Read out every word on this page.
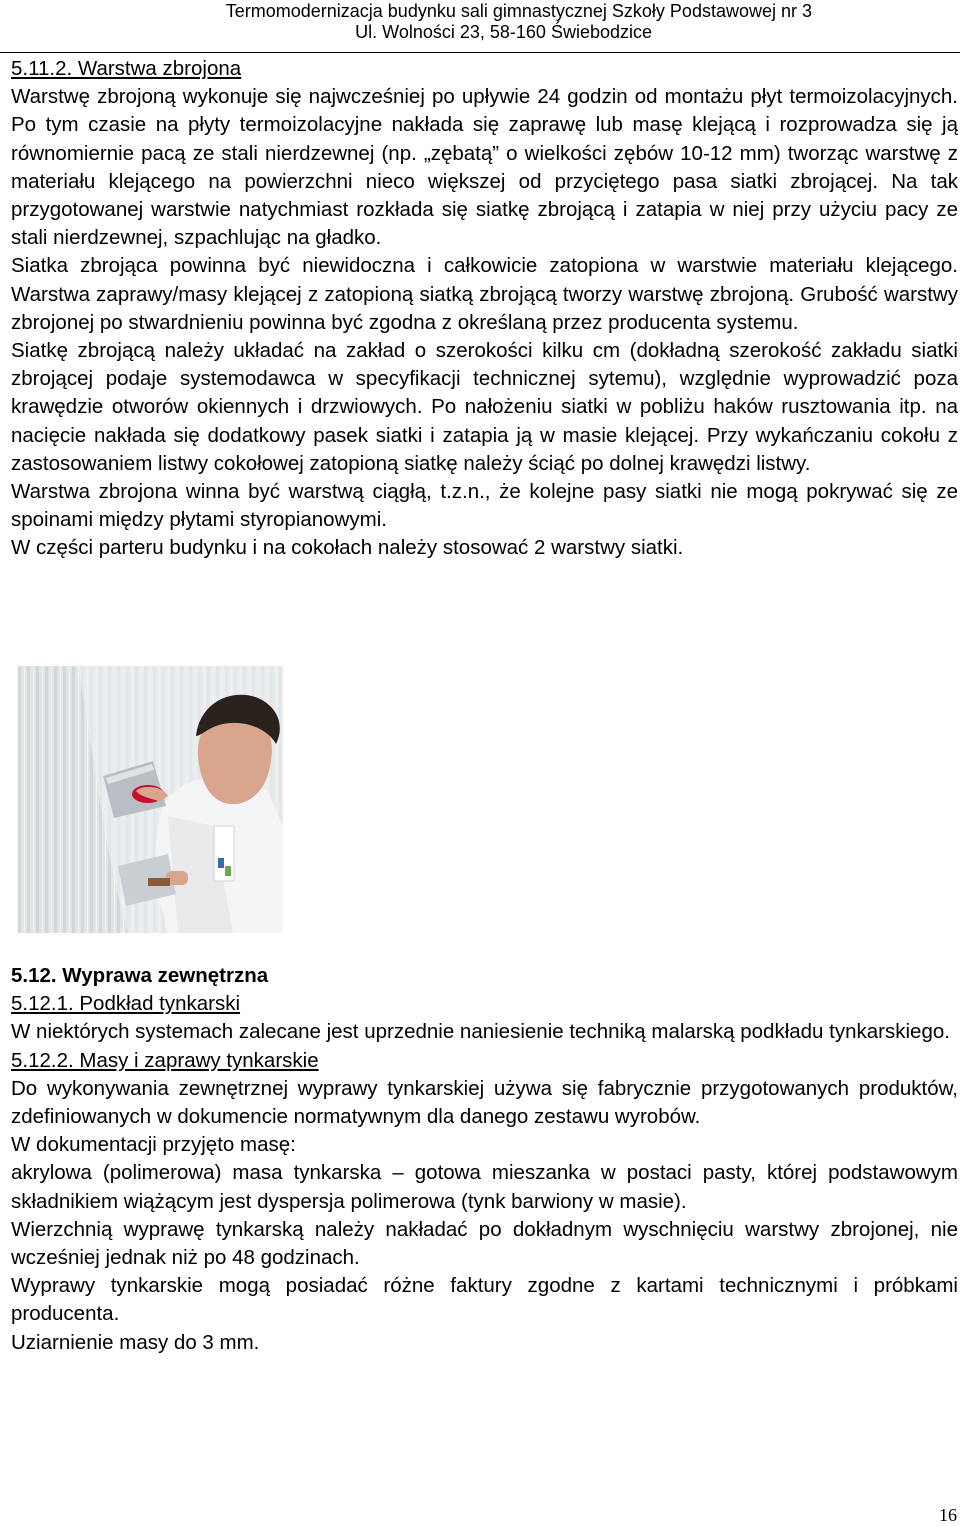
Termomodernizacja budynku sali gimnastycznej Szkoły Podstawowej nr 3
Ul. Wolności 23, 58-160 Świebodzice

5.11.2. Warstwa zbrojona

Warstwę zbrojoną wykonuje się najwcześniej po upływie 24 godzin od montażu płyt termoizolacyjnych. Po tym czasie na płyty termoizolacyjne nakłada się zaprawę lub masę klejącą i rozprowadza się ją równomiernie pacą ze stali nierdzewnej (np. „zębatą” o wielkości zębów 10-12 mm) tworząc warstwę z materiału klejącego na powierzchni nieco większej od przyciętego pasa siatki zbrojącej. Na tak przygotowanej warstwie natychmiast rozkłada się siatkę zbrojącą i zatapia w niej przy użyciu pacy ze stali nierdzewnej, szpachlując na gładko.

Siatka zbrojąca powinna być niewidoczna i całkowicie zatopiona w warstwie materiału klejącego. Warstwa zaprawy/masy klejącej z zatopioną siatką zbrojącą tworzy warstwę zbrojoną. Grubość warstwy zbrojonej po stwardnieniu powinna być zgodna z określaną przez producenta systemu.

Siatkę zbrojącą należy układać na zakład o szerokości kilku cm (dokładną szerokość zakładu siatki zbrojącej podaje systemodawca w specyfikacji technicznej sytemu), względnie wyprowadzić poza krawędzie otworów okiennych i drzwiowych. Po nałożeniu siatki w pobliżu haków rusztowania itp. na nacięcie nakłada się dodatkowy pasek siatki i zatapia ją w masie klejącej. Przy wykańczaniu cokołu z zastosowaniem listwy cokołowej zatopioną siatkę należy ściąć po dolnej krawędzi listwy.

Warstwa zbrojona winna być warstwą ciągłą, t.z.n., że kolejne pasy siatki nie mogą pokrywać się ze spoinami między płytami styropianowymi.

W części parteru budynku i na cokołach należy stosować 2 warstwy siatki.

5.12. Wyprawa zewnętrzna

5.12.1. Podkład tynkarski

W niektórych systemach zalecane jest uprzednie naniesienie techniką malarską podkładu tynkarskiego.

5.12.2. Masy i zaprawy tynkarskie

Do wykonywania zewnętrznej wyprawy tynkarskiej używa się fabrycznie przygotowanych produktów, zdefiniowanych w dokumencie normatywnym dla danego zestawu wyrobów.

W dokumentacji przyjęto masę:

akrylowa (polimerowa) masa tynkarska – gotowa mieszanka w postaci pasty, której podstawowym składnikiem wiążącym jest dyspersja polimerowa (tynk barwiony w masie).

Wierzchnią wyprawę tynkarską należy nakładać po dokładnym wyschnięciu warstwy zbrojonej, nie wcześniej jednak niż po 48 godzinach.

Wyprawy tynkarskie mogą posiadać różne faktury zgodne z kartami technicznymi i próbkami producenta.

Uziarnienie masy do 3 mm.

16
